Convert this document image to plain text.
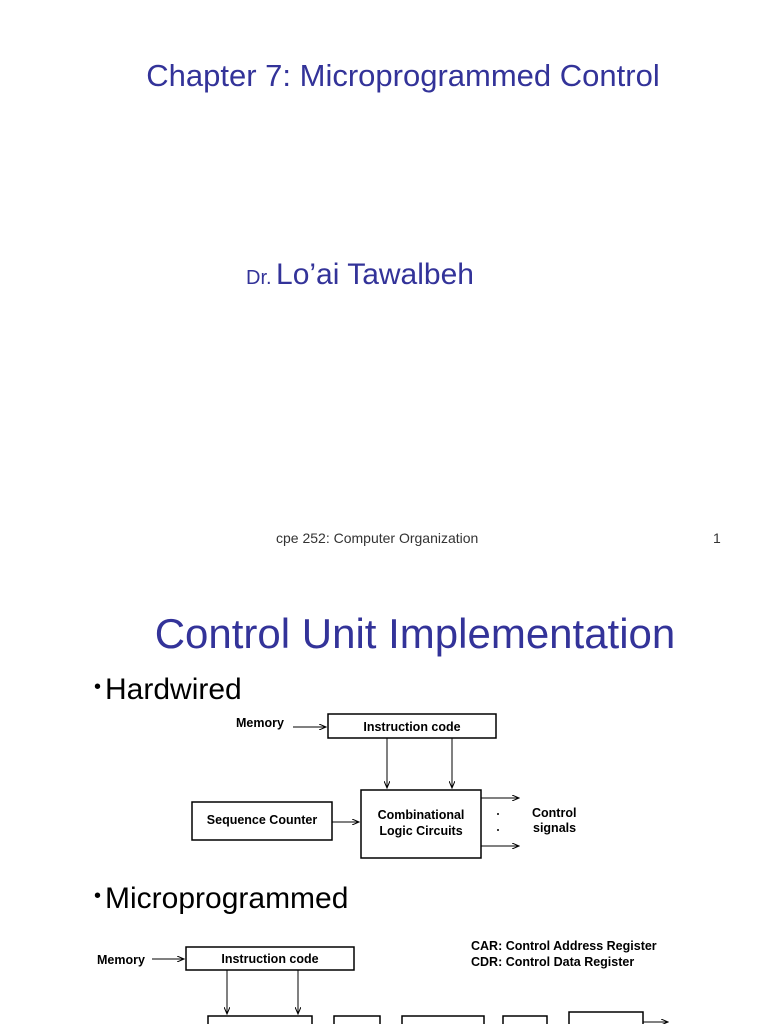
Chapter 7: Microprogrammed Control
Dr. Lo’ai Tawalbeh
cpe 252: Computer Organization	1
Control Unit Implementation
• Hardwired
• Microprogrammed
Memory	Instruction code
Sequence Counter	Combinational
Logic Circuits
Control
signals
Memory	Instruction code
CAR: Control Address Register
CDR: Control Data Register
